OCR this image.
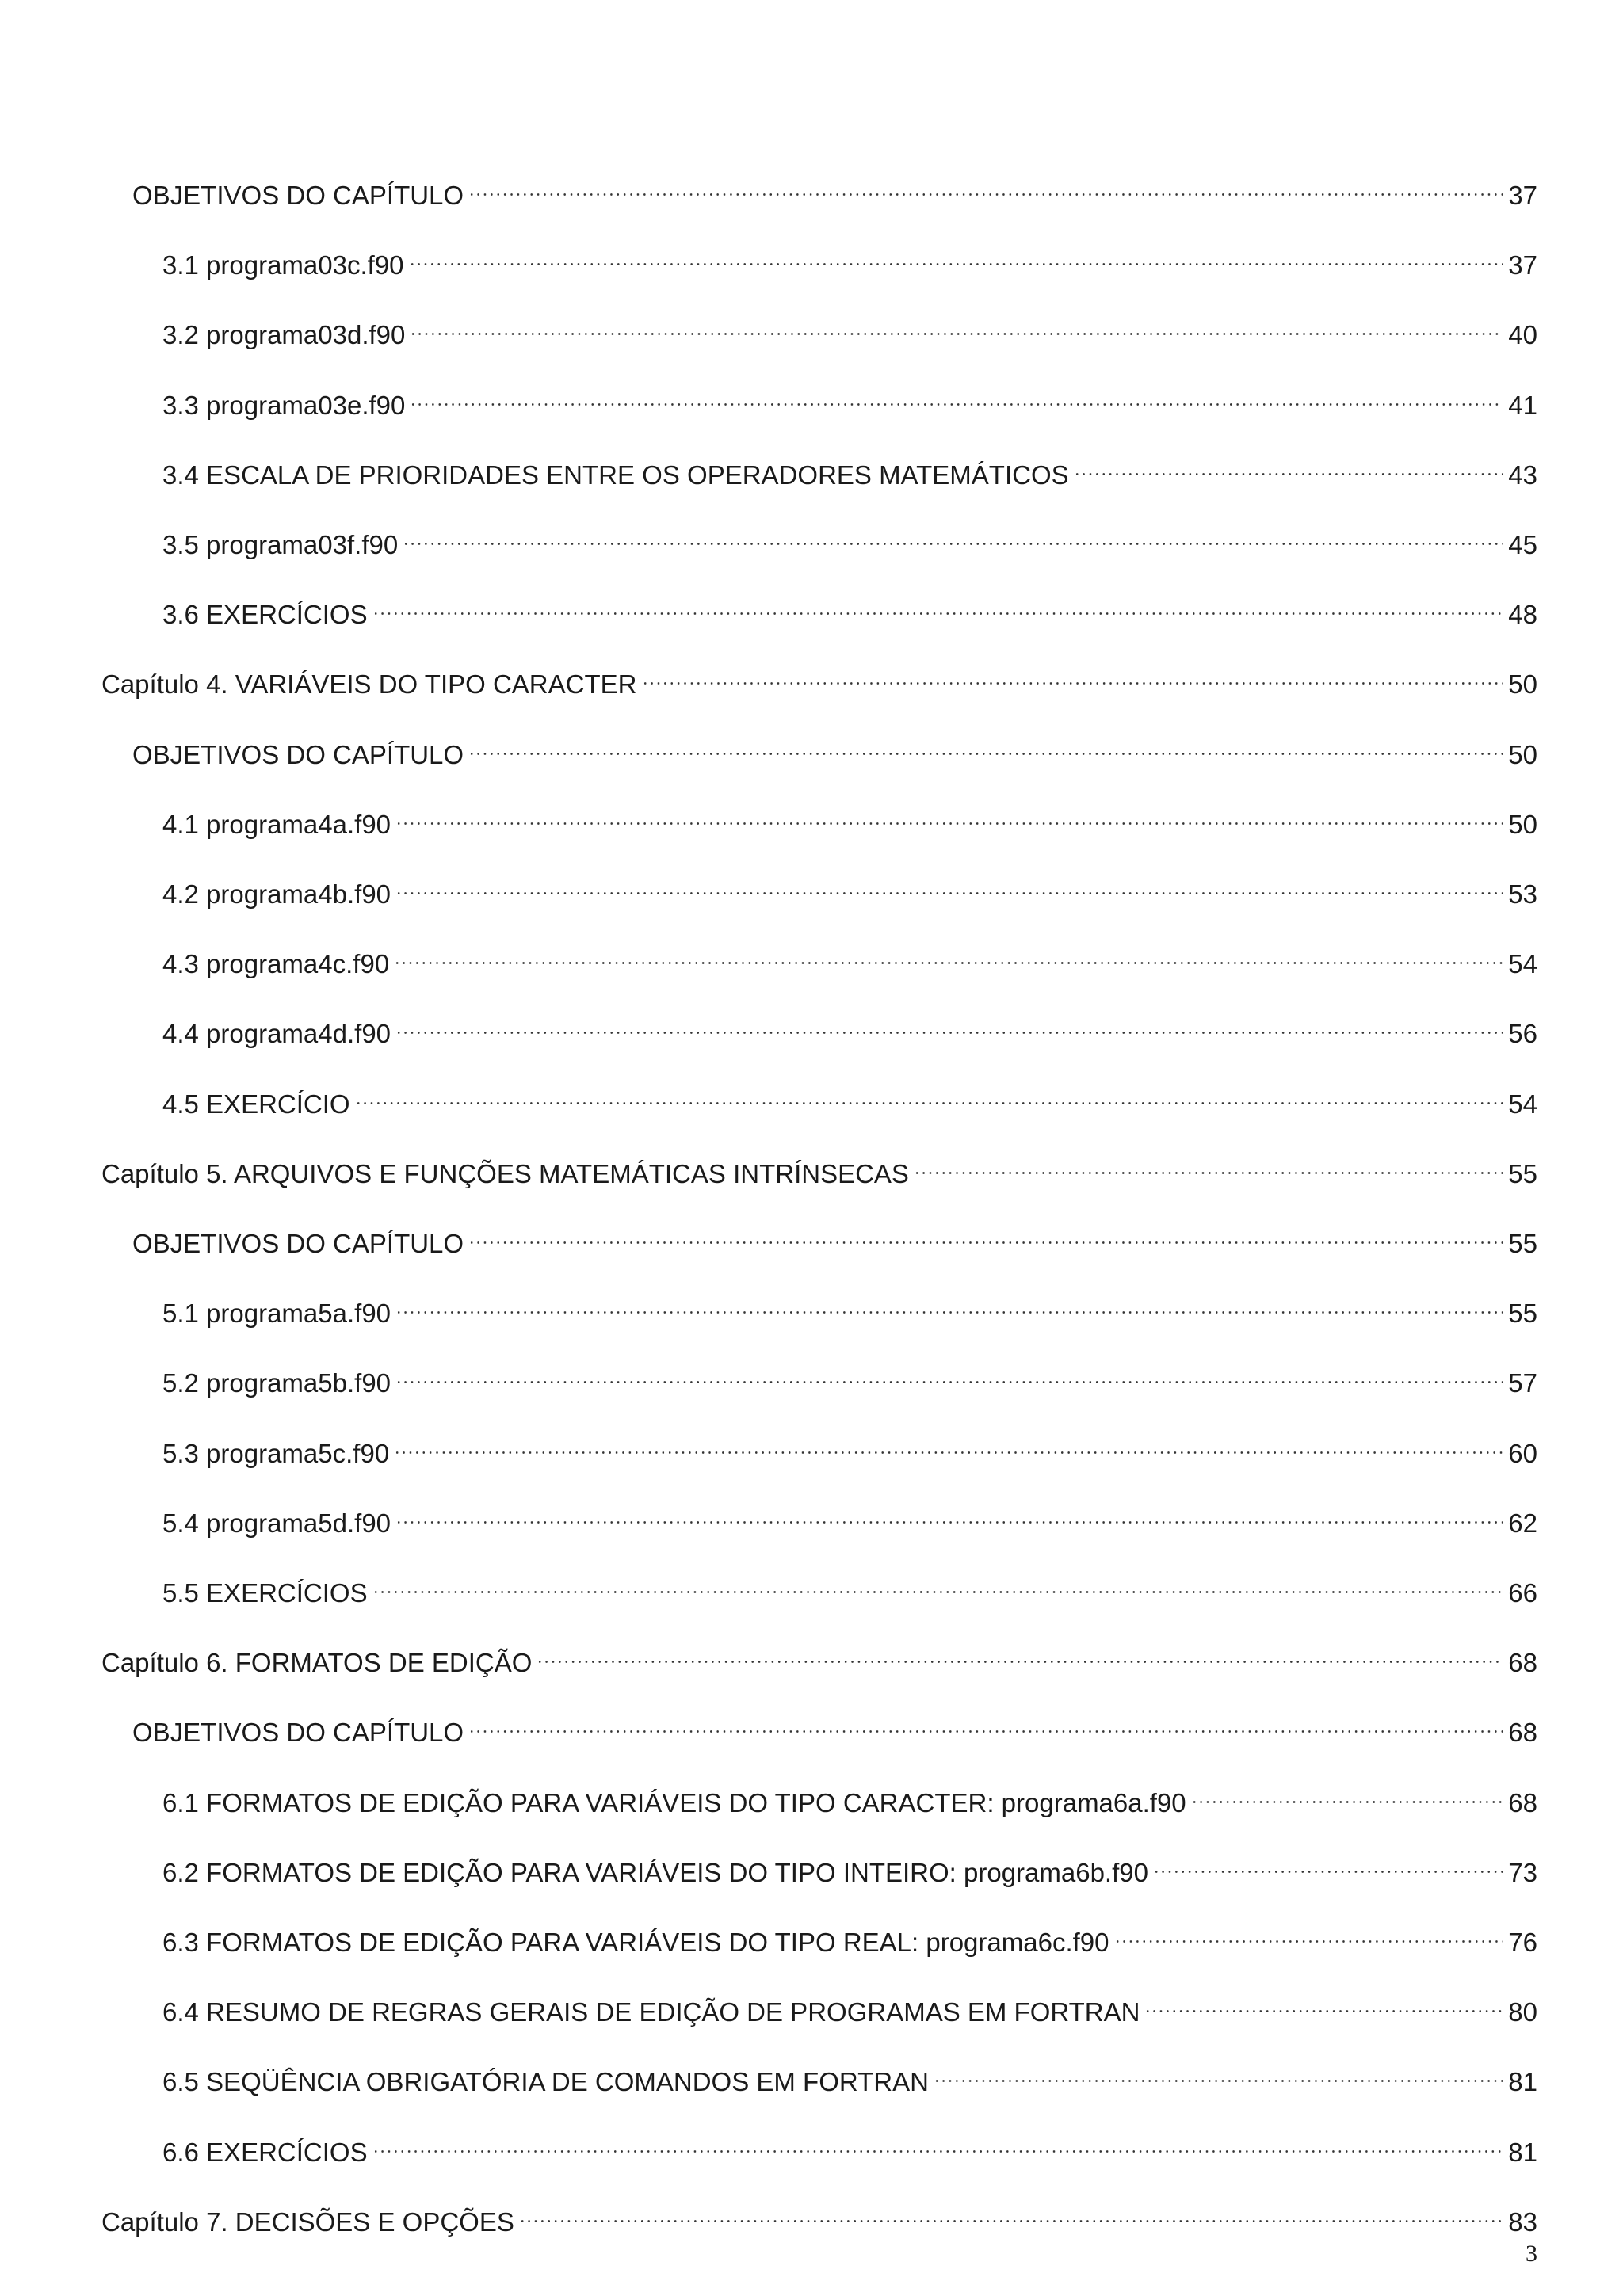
OBJETIVOS DO CAPÍTULO	37
3.1 programa03c.f90	37
3.2 programa03d.f90	40
3.3 programa03e.f90	41
3.4 ESCALA DE PRIORIDADES ENTRE OS OPERADORES MATEMÁTICOS	43
3.5 programa03f.f90	45
3.6 EXERCÍCIOS	48
Capítulo 4. VARIÁVEIS DO TIPO CARACTER	50
OBJETIVOS DO CAPÍTULO	50
4.1 programa4a.f90	50
4.2 programa4b.f90	53
4.3 programa4c.f90	54
4.4 programa4d.f90	56
4.5 EXERCÍCIO	54
Capítulo 5. ARQUIVOS E FUNÇÕES MATEMÁTICAS INTRÍNSECAS	55
OBJETIVOS DO CAPÍTULO	55
5.1 programa5a.f90	55
5.2 programa5b.f90	57
5.3 programa5c.f90	60
5.4 programa5d.f90	62
5.5 EXERCÍCIOS	66
Capítulo 6. FORMATOS DE EDIÇÃO	68
OBJETIVOS DO CAPÍTULO	68
6.1 FORMATOS DE EDIÇÃO PARA VARIÁVEIS DO TIPO CARACTER: programa6a.f90	68
6.2 FORMATOS DE EDIÇÃO PARA VARIÁVEIS DO TIPO INTEIRO: programa6b.f90	73
6.3 FORMATOS DE EDIÇÃO PARA VARIÁVEIS DO TIPO REAL: programa6c.f90	76
6.4 RESUMO DE REGRAS GERAIS DE EDIÇÃO DE PROGRAMAS EM FORTRAN	80
6.5 SEQÜÊNCIA OBRIGATÓRIA DE COMANDOS EM FORTRAN	81
6.6 EXERCÍCIOS	81
Capítulo 7. DECISÕES E OPÇÕES	83
3
